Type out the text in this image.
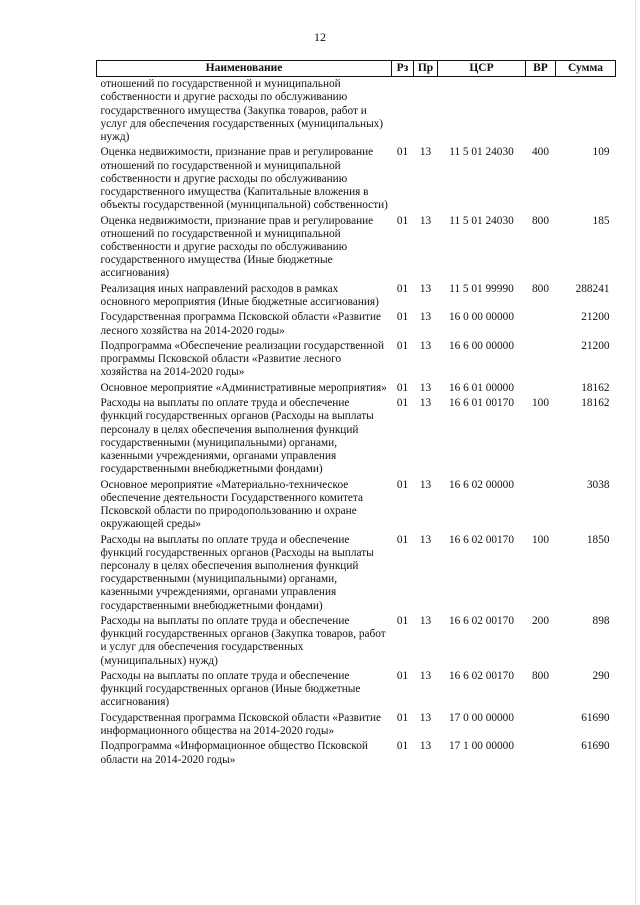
12
Наименование	Рз	Пр	ЦСР	ВР	Сумма
отношений по государственной и муниципальной собственности и другие расходы по обслуживанию государственного имущества (Закупка товаров, работ и услуг для обеспечения государственных (муниципальных) нужд)					
Оценка недвижимости, признание прав и регулирование отношений по государственной и муниципальной собственности и другие расходы по обслуживанию государственного имущества (Капитальные вложения в объекты государственной (муниципальной) собственности)	01	13	11 5 01 24030	400	109
Оценка недвижимости, признание прав и регулирование отношений по государственной и муниципальной собственности и другие расходы по обслуживанию государственного имущества (Иные бюджетные ассигнования)	01	13	11 5 01 24030	800	185
Реализация иных направлений расходов в рамках основного мероприятия (Иные бюджетные ассигнования)	01	13	11 5 01 99990	800	288241
Государственная программа Псковской области «Развитие лесного хозяйства на 2014-2020 годы»	01	13	16 0 00 00000		21200
Подпрограмма «Обеспечение реализации государственной программы Псковской области «Развитие лесного хозяйства на 2014-2020 годы»	01	13	16 6 00 00000		21200
Основное мероприятие «Административные мероприятия»	01	13	16 6 01 00000		18162
Расходы на выплаты по оплате труда и обеспечение функций государственных органов (Расходы на выплаты персоналу в целях обеспечения выполнения функций государственными (муниципальными) органами, казенными учреждениями, органами управления государственными внебюджетными фондами)	01	13	16 6 01 00170	100	18162
Основное мероприятие «Материально-техническое обеспечение деятельности Государственного комитета Псковской области по природопользованию и охране окружающей среды»	01	13	16 6 02 00000		3038
Расходы на выплаты по оплате труда и обеспечение функций государственных органов (Расходы на выплаты персоналу в целях обеспечения выполнения функций государственными (муниципальными) органами, казенными учреждениями, органами управления государственными внебюджетными фондами)	01	13	16 6 02 00170	100	1850
Расходы на выплаты по оплате труда и обеспечение функций государственных органов (Закупка товаров, работ и услуг для обеспечения государственных (муниципальных) нужд)	01	13	16 6 02 00170	200	898
Расходы на выплаты по оплате труда и обеспечение функций государственных органов (Иные бюджетные ассигнования)	01	13	16 6 02 00170	800	290
Государственная программа Псковской области «Развитие информационного общества на 2014-2020 годы»	01	13	17 0 00 00000		61690
Подпрограмма «Информационное общество Псковской области на 2014-2020 годы»	01	13	17 1 00 00000		61690
